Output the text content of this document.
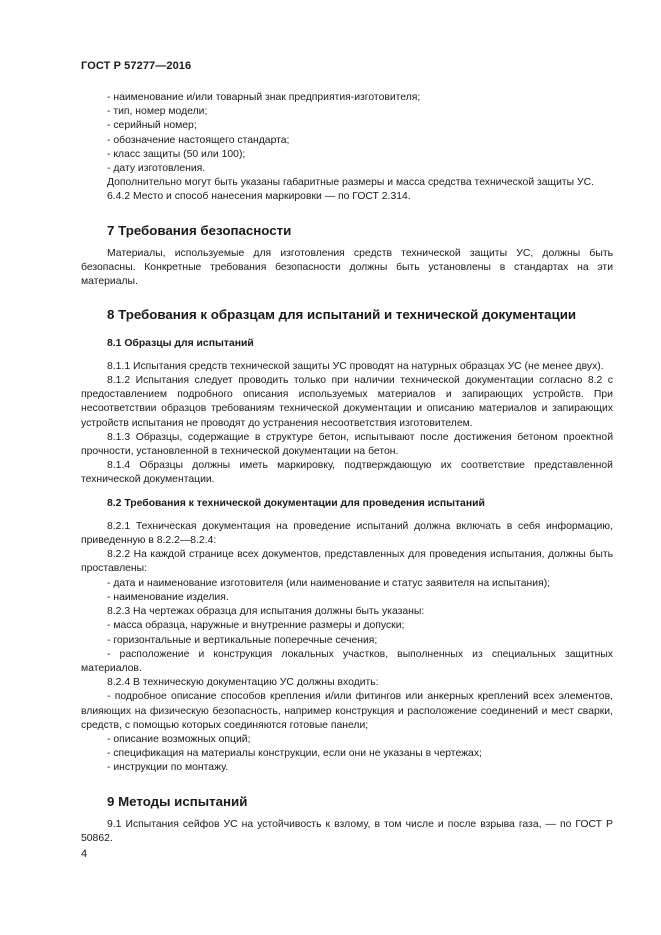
ГОСТ Р 57277—2016

- наименование и/или товарный знак предприятия-изготовителя;

- тип, номер модели;

- серийный номер;

- обозначение настоящего стандарта;

- класс защиты (50 или 100);

- дату изготовления.

Дополнительно могут быть указаны габаритные размеры и масса средства технической защиты УС.

6.4.2 Место и способ нанесения маркировки — по ГОСТ 2.314.

7 Требования безопасности

Материалы, используемые для изготовления средств технической защиты УС, должны быть безопасны. Конкретные требования безопасности должны быть установлены в стандартах на эти материалы.

8 Требования к образцам для испытаний и технической документации

8.1 Образцы для испытаний

8.1.1 Испытания средств технической защиты УС проводят на натурных образцах УС (не менее двух).

8.1.2 Испытания следует проводить только при наличии технической документации согласно 8.2 с предоставлением подробного описания используемых материалов и запирающих устройств. При несоответствии образцов требованиям технической документации и описанию материалов и запирающих устройств испытания не проводят до устранения несоответствия изготовителем.

8.1.3 Образцы, содержащие в структуре бетон, испытывают после достижения бетоном проектной прочности, установленной в технической документации на бетон.

8.1.4 Образцы должны иметь маркировку, подтверждающую их соответствие представленной технической документации.

8.2 Требования к технической документации для проведения испытаний

8.2.1 Техническая документация на проведение испытаний должна включать в себя информацию, приведенную в 8.2.2—8.2.4:

8.2.2 На каждой странице всех документов, представленных для проведения испытания, должны быть проставлены:

- дата и наименование изготовителя (или наименование и статус заявителя на испытания);

- наименование изделия.

8.2.3 На чертежах образца для испытания должны быть указаны:

- масса образца, наружные и внутренние размеры и допуски;

- горизонтальные и вертикальные поперечные сечения;

- расположение и конструкция локальных участков, выполненных из специальных защитных материалов.

8.2.4 В техническую документацию УС должны входить:

- подробное описание способов крепления и/или фитингов или анкерных креплений всех элементов, влияющих на физическую безопасность, например конструкция и расположение соединений и мест сварки, средств, с помощью которых соединяются готовые панели;

- описание возможных опций;

- спецификация на материалы конструкции, если они не указаны в чертежах;

- инструкции по монтажу.

9 Методы испытаний

9.1 Испытания сейфов УС на устойчивость к взлому, в том числе и после взрыва газа, — по ГОСТ Р 50862.

4
